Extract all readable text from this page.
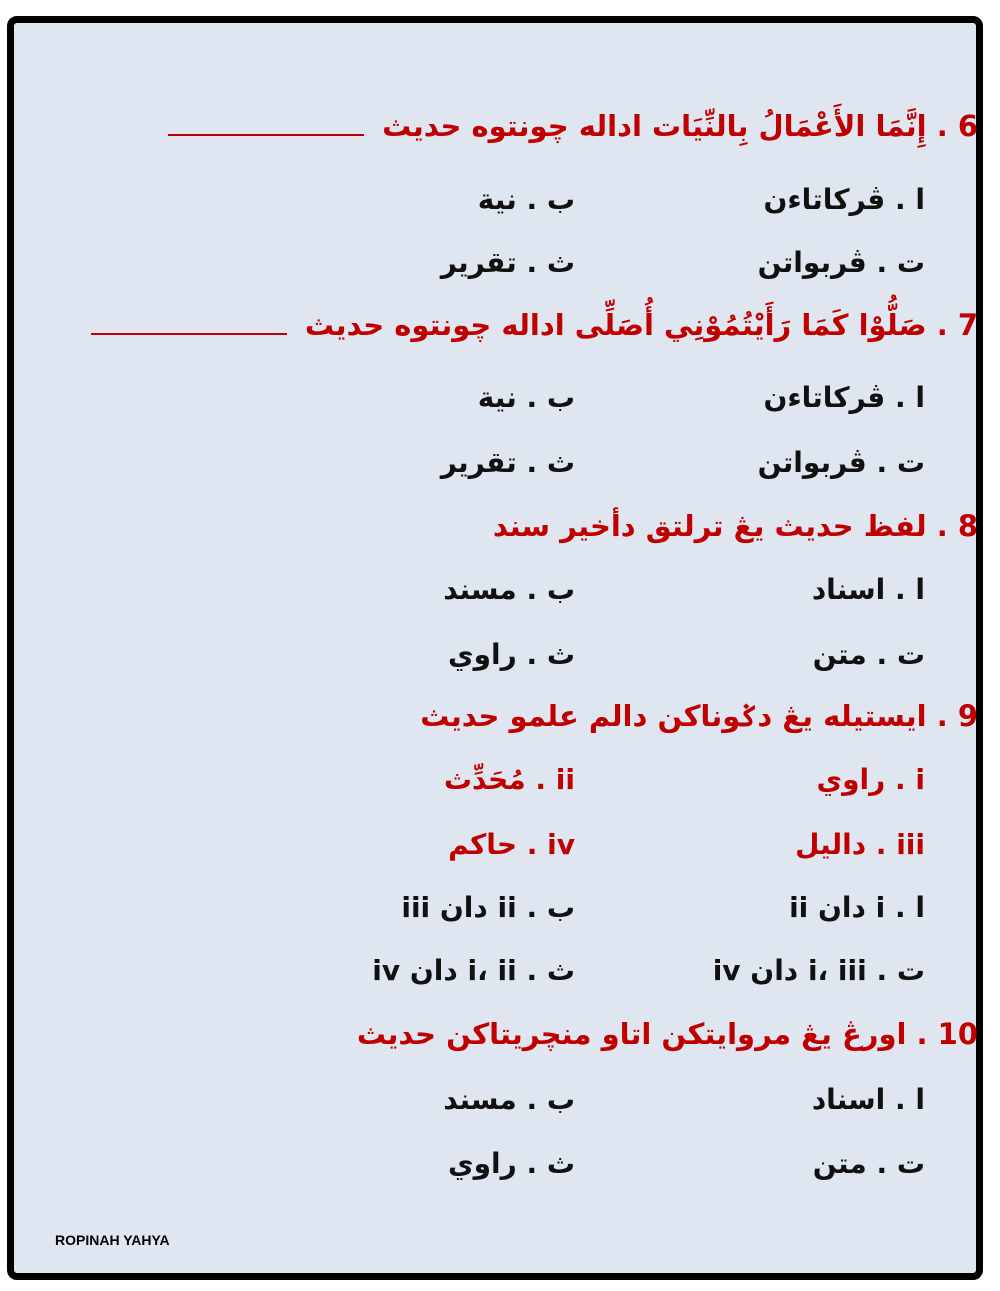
6 . إِنَّمَا الأَعْمَالُ بِالنِّيَات اداله چونتوه حديث
ا . ڤركاتاءن
ب . نية
ت . ڤربواتن
ث . تقرير
7 . صَلُّوْا كَمَا رَأَيْتُمُوْنِي أُصَلِّى اداله چونتوه حديث
ا . ڤركاتاءن
ب . نية
ت . ڤربواتن
ث . تقرير
8 . لفظ حديث يڠ ترلتق دأخير سند
ا . اسناد
ب . مسند
ت . متن
ث . راوي
9 . ايستيله يڠ دݢوناكن دالم علمو حديث
i . راوي
ii . مُحَدِّث
iii . داليل
iv . حاكم
ا . i دان ii
ب . ii دان iii
ت . i، iii دان iv
ث . i، ii دان iv
10 . اورڠ يڠ مروايتكن اتاو منچريتاكن حديث
ا . اسناد
ب . مسند
ت . متن
ث . راوي
ROPINAH YAHYA
